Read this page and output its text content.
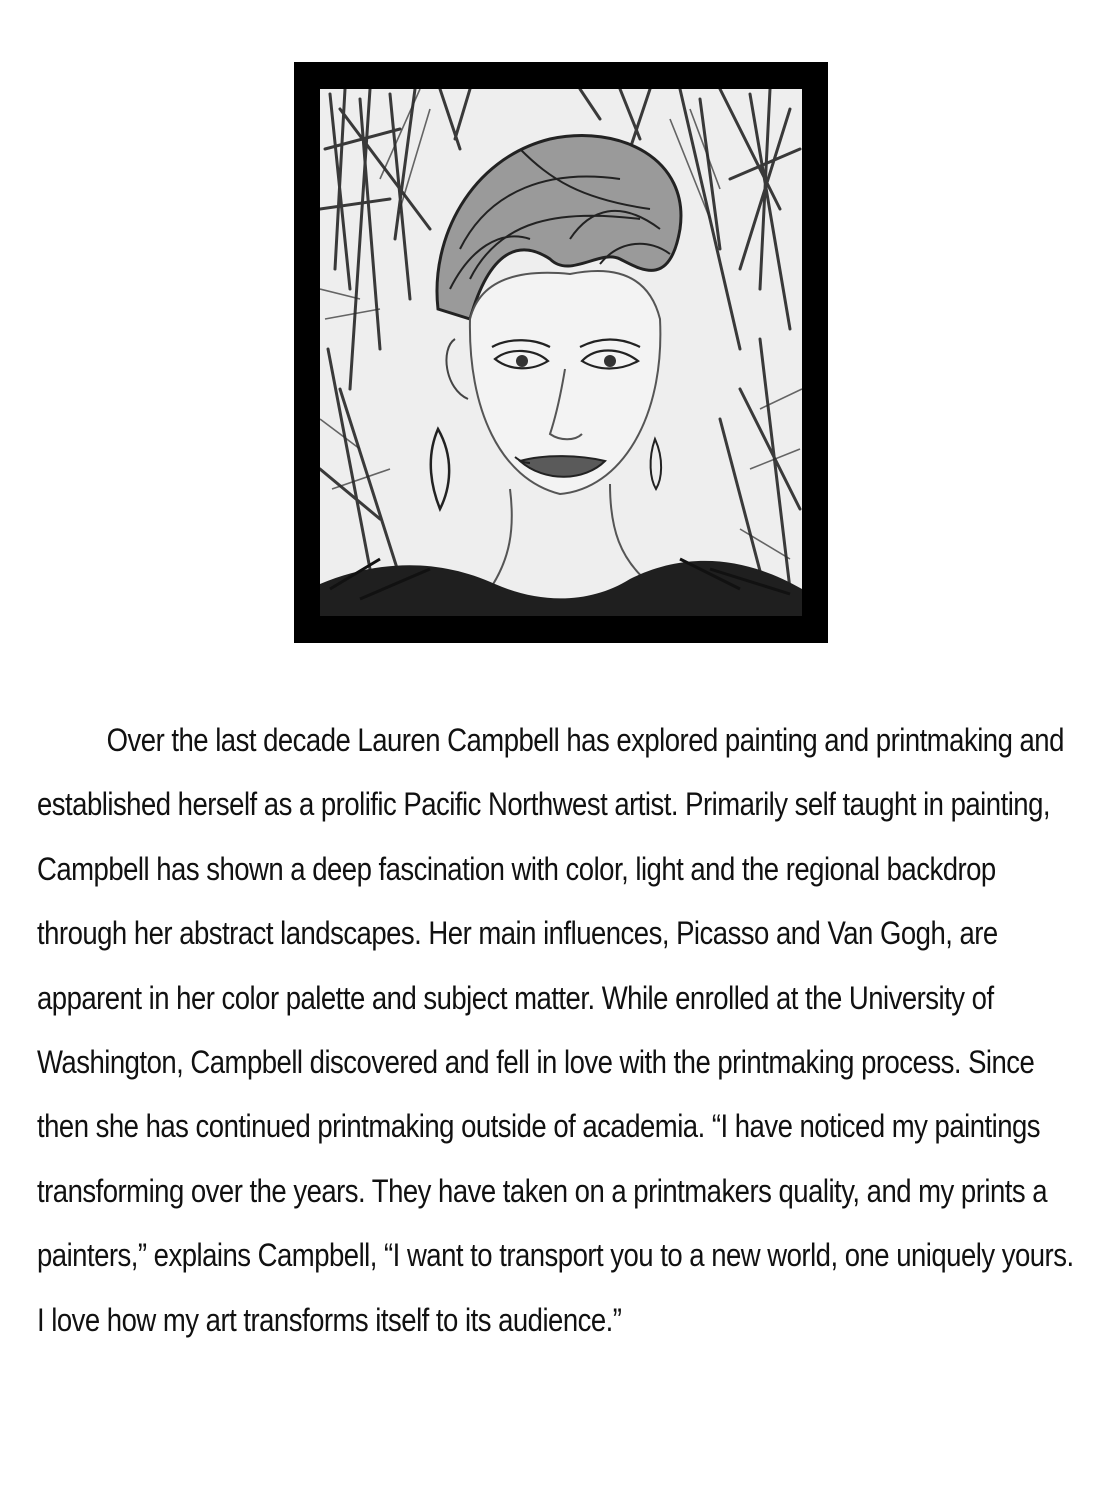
Over the last decade Lauren Campbell has explored painting and printmaking and established herself as a prolific Pacific Northwest artist. Primarily self taught in painting, Campbell has shown a deep fascination with color, light and the regional backdrop through her abstract landscapes. Her main influences, Picasso and Van Gogh, are apparent in her color palette and subject matter. While enrolled at the University of Washington, Campbell discovered and fell in love with the printmaking process. Since then she has continued printmaking outside of academia. “I have noticed my paintings transforming over the years. They have taken on a printmakers quality, and my prints a painters,” explains Campbell, “I want to transport you to a new world, one uniquely yours. I love how my art transforms itself to its audience.”
